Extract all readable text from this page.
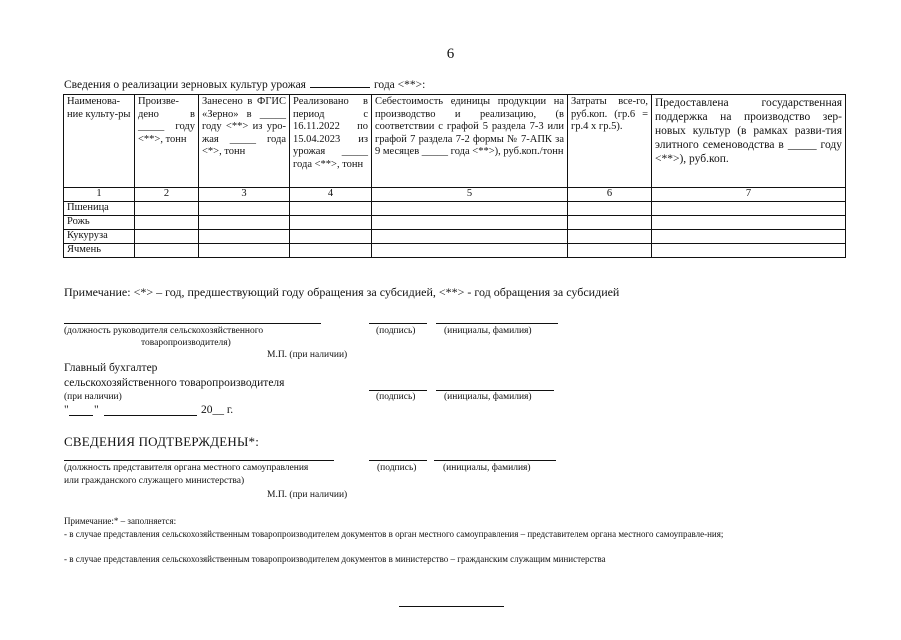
6
Сведения о реализации зерновых культур урожая	года <**>:
Наименова-ние культу-ры	Произве-дено в _____ году <**>, тонн	Занесено в ФГИС «Зерно» в _____ году <**> из уро-жая _____ года <*>, тонн	Реализовано в период с 16.11.2022 по 15.04.2023 из урожая _____ года <**>, тонн	Себестоимость единицы продукции на производство и реализацию, (в соответствии с графой 5 раздела 7-3 или графой 7 раздела 7-2 формы № 7-АПК за 9 месяцев _____ года <**>), руб.коп./тонн	Затраты все-го, руб.коп. (гр.6 = гр.4 x гр.5).	Предоставлена государственная поддержка на производство зер-новых культур (в рамках разви-тия элитного семеноводства в _____ году <**>), руб.коп.
1	2	3	4	5	6	7
Пшеница						
Рожь						
Кукуруза						
Ячмень						
Примечание: <*> – год, предшествующий году обращения за субсидией, <**> - год обращения за субсидией
(должность руководителя сельскохозяйственного
товаропроизводителя)
(подпись)	(инициалы, фамилия)
М.П. (при наличии)
Главный бухгалтер
сельскохозяйственного товаропроизводителя
(при наличии)	(подпись)	(инициалы, фамилия)
" "	20__ г.
СВЕДЕНИЯ ПОДТВЕРЖДЕНЫ*:
(должность представителя органа местного самоуправления
или гражданского служащего министерства)
(подпись)	(инициалы, фамилия)
М.П. (при наличии)
Примечание:* – заполняется:
- в случае представления сельскохозяйственным товаропроизводителем документов в орган местного самоуправления – представителем органа местного самоуправле-ния;
- в случае представления сельскохозяйственным товаропроизводителем документов в министерство – гражданским служащим министерства
